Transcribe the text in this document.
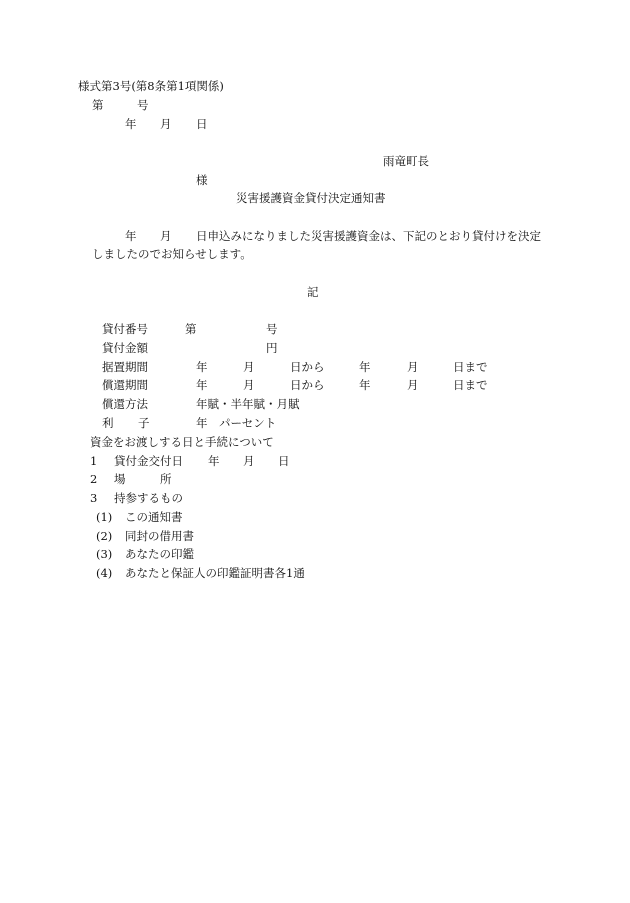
様式第3号(第8条第1項関係)
第	号
年 月 日
雨竜町長
様
災害援護資金貸付決定通知書
年 月 日申込みになりました災害援護資金は、下記のとおり貸付けを決定
しましたのでお知らせします。
記
貸付番号	第	号
貸付金額	円
据置期間	年	月	日から	年	月	日まで
償還期間	年	月	日から	年	月	日まで
償還方法	年賦・半年賦・月賦
利 子	年 パーセント
資金をお渡しする日と手続について
1 貸付金交付日 年 月 日
2 場	所
3 持参するもの
(1) この通知書
(2) 同封の借用書
(3) あなたの印鑑
(4) あなたと保証人の印鑑証明書各1通
